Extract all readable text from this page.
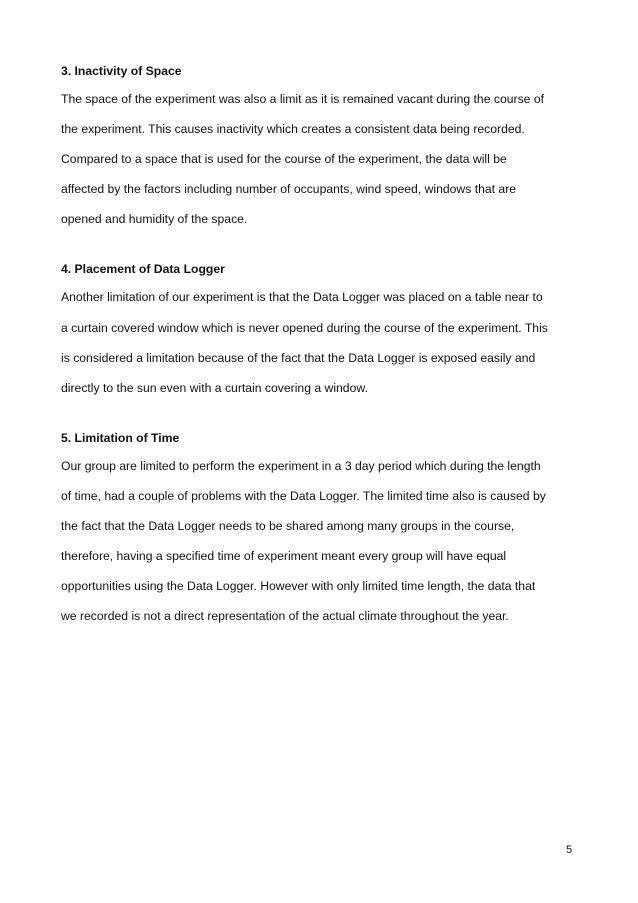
3. Inactivity of Space

The space of the experiment was also a limit as it is remained vacant during the course of
the experiment. This causes inactivity which creates a consistent data being recorded.
Compared to a space that is used for the course of the experiment, the data will be
affected by the factors including number of occupants, wind speed, windows that are
opened and humidity of the space.

4. Placement of Data Logger

Another limitation of our experiment is that the Data Logger was placed on a table near to
a curtain covered window which is never opened during the course of the experiment. This
is considered a limitation because of the fact that the Data Logger is exposed easily and
directly to the sun even with a curtain covering a window.

5. Limitation of Time

Our group are limited to perform the experiment in a 3 day period which during the length
of time, had a couple of problems with the Data Logger. The limited time also is caused by
the fact that the Data Logger needs to be shared among many groups in the course,
therefore, having a specified time of experiment meant every group will have equal
opportunities using the Data Logger. However with only limited time length, the data that
we recorded is not a direct representation of the actual climate throughout the year.

5
